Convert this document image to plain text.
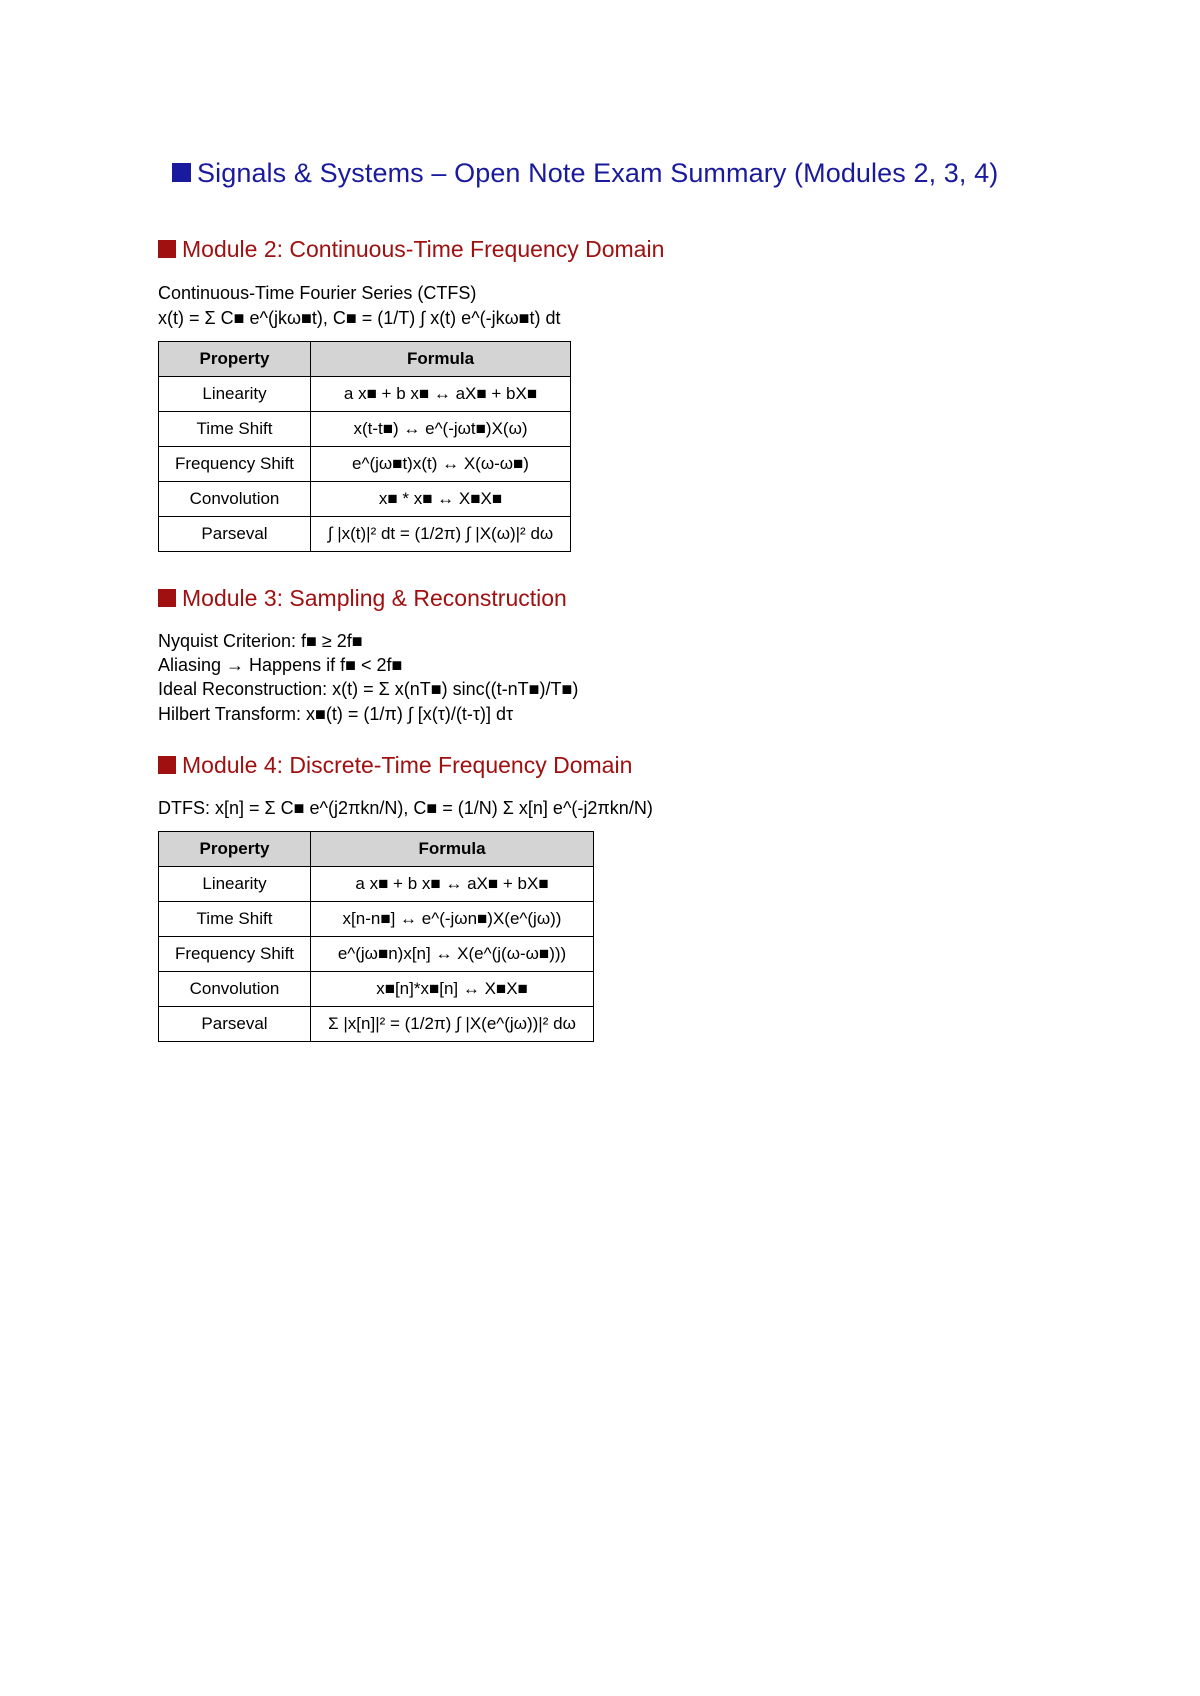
Signals & Systems – Open Note Exam Summary (Modules 2, 3, 4)
Module 2: Continuous-Time Frequency Domain
Continuous-Time Fourier Series (CTFS)
x(t) = Σ C■ e^(jkω■t), C■ = (1/T) ∫ x(t) e^(-jkω■t) dt
Property	Formula
Linearity	a x■ + b x■ ↔ aX■ + bX■
Time Shift	x(t-t■) ↔ e^(-jωt■)X(ω)
Frequency Shift	e^(jω■t)x(t) ↔ X(ω-ω■)
Convolution	x■ * x■ ↔ X■X■
Parseval	∫ |x(t)|² dt = (1/2π) ∫ |X(ω)|² dω
Module 3: Sampling & Reconstruction
Nyquist Criterion: f■ ≥ 2f■
Aliasing → Happens if f■ < 2f■
Ideal Reconstruction: x(t) = Σ x(nT■) sinc((t-nT■)/T■)
Hilbert Transform: x■(t) = (1/π) ∫ [x(τ)/(t-τ)] dτ
Module 4: Discrete-Time Frequency Domain
DTFS: x[n] = Σ C■ e^(j2πkn/N), C■ = (1/N) Σ x[n] e^(-j2πkn/N)
Property	Formula
Linearity	a x■ + b x■ ↔ aX■ + bX■
Time Shift	x[n-n■] ↔ e^(-jωn■)X(e^(jω))
Frequency Shift	e^(jω■n)x[n] ↔ X(e^(j(ω-ω■)))
Convolution	x■[n]*x■[n] ↔ X■X■
Parseval	Σ |x[n]|² = (1/2π) ∫ |X(e^(jω))|² dω
